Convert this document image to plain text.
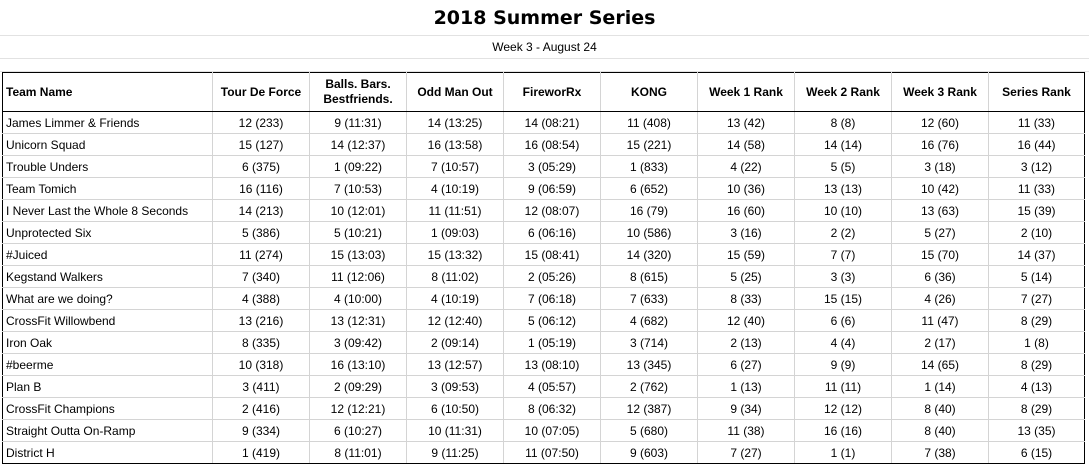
2018 Summer Series
Week 3 - August 24
Team Name	Tour De Force	Balls. Bars. Bestfriends.	Odd Man Out	FireworRx	KONG	Week 1 Rank	Week 2 Rank	Week 3 Rank	Series Rank
James Limmer & Friends	12 (233)	9 (11:31)	14 (13:25)	14 (08:21)	11 (408)	13 (42)	8 (8)	12 (60)	11 (33)
Unicorn Squad	15 (127)	14 (12:37)	16 (13:58)	16 (08:54)	15 (221)	14 (58)	14 (14)	16 (76)	16 (44)
Trouble Unders	6 (375)	1 (09:22)	7 (10:57)	3 (05:29)	1 (833)	4 (22)	5 (5)	3 (18)	3 (12)
Team Tomich	16 (116)	7 (10:53)	4 (10:19)	9 (06:59)	6 (652)	10 (36)	13 (13)	10 (42)	11 (33)
I Never Last the Whole 8 Seconds	14 (213)	10 (12:01)	11 (11:51)	12 (08:07)	16 (79)	16 (60)	10 (10)	13 (63)	15 (39)
Unprotected Six	5 (386)	5 (10:21)	1 (09:03)	6 (06:16)	10 (586)	3 (16)	2 (2)	5 (27)	2 (10)
#Juiced	11 (274)	15 (13:03)	15 (13:32)	15 (08:41)	14 (320)	15 (59)	7 (7)	15 (70)	14 (37)
Kegstand Walkers	7 (340)	11 (12:06)	8 (11:02)	2 (05:26)	8 (615)	5 (25)	3 (3)	6 (36)	5 (14)
What are we doing?	4 (388)	4 (10:00)	4 (10:19)	7 (06:18)	7 (633)	8 (33)	15 (15)	4 (26)	7 (27)
CrossFit Willowbend	13 (216)	13 (12:31)	12 (12:40)	5 (06:12)	4 (682)	12 (40)	6 (6)	11 (47)	8 (29)
Iron Oak	8 (335)	3 (09:42)	2 (09:14)	1 (05:19)	3 (714)	2 (13)	4 (4)	2 (17)	1 (8)
#beerme	10 (318)	16 (13:10)	13 (12:57)	13 (08:10)	13 (345)	6 (27)	9 (9)	14 (65)	8 (29)
Plan B	3 (411)	2 (09:29)	3 (09:53)	4 (05:57)	2 (762)	1 (13)	11 (11)	1 (14)	4 (13)
CrossFit Champions	2 (416)	12 (12:21)	6 (10:50)	8 (06:32)	12 (387)	9 (34)	12 (12)	8 (40)	8 (29)
Straight Outta On-Ramp	9 (334)	6 (10:27)	10 (11:31)	10 (07:05)	5 (680)	11 (38)	16 (16)	8 (40)	13 (35)
District H	1 (419)	8 (11:01)	9 (11:25)	11 (07:50)	9 (603)	7 (27)	1 (1)	7 (38)	6 (15)
